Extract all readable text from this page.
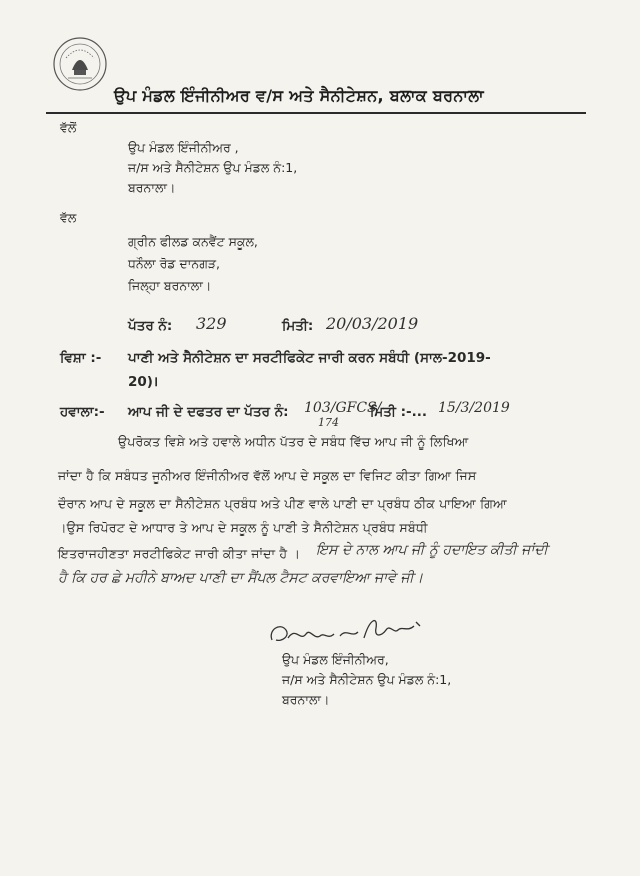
ਉਪ ਮੰਡਲ ਇੰਜੀਨੀਅਰ ਵ/ਸ ਅਤੇ ਸੈਨੀਟੇਸ਼ਨ, ਬਲਾਕ ਬਰਨਾਲਾ
ਵੱਲੋਂ
ਉਪ ਮੰਡਲ ਇੰਜੀਨੀਅਰ ,
ਜ/ਸ ਅਤੇ ਸੈਨੀਟੇਸ਼ਨ ਉਪ ਮੰਡਲ ਨੰ:1,
ਬਰਨਾਲਾ।
ਵੱਲ
ਗ੍ਰੀਨ ਫੀਲਡ ਕਨਵੈਂਟ ਸਕੂਲ,
ਧਨੌਲਾ ਰੋਡ ਦਾਨਗੜ,
ਜਿਲ੍ਹਾ ਬਰਨਾਲਾ।
ਪੱਤਰ ਨੰ: 329	ਮਿਤੀ: 20/03/2019
ਵਿਸ਼ਾ :- ਪਾਣੀ ਅਤੇ ਸੈਨੀਟੇਸ਼ਨ ਦਾ ਸਰਟੀਫਿਕੇਟ ਜਾਰੀ ਕਰਨ ਸਬੰਧੀ (ਸਾਲ-2019-
20)।
ਹਵਾਲਾ:- ਆਪ ਜੀ ਦੇ ਦਫਤਰ ਦਾ ਪੱਤਰ ਨੰ: 103/GFCS/
174
ਮਿਤੀ :-... 15/3/2019
ਉਪਰੋਕਤ ਵਿਸ਼ੇ ਅਤੇ ਹਵਾਲੇ ਅਧੀਨ ਪੱਤਰ ਦੇ ਸਬੰਧ ਵਿੱਚ ਆਪ ਜੀ ਨੂੰ ਲਿਖਿਆ
ਜਾਂਦਾ ਹੈ ਕਿ ਸਬੰਧਤ ਜੂਨੀਅਰ ਇੰਜੀਨੀਅਰ ਵੱਲੋਂ ਆਪ ਦੇ ਸਕੂਲ ਦਾ ਵਿਜਿਟ ਕੀਤਾ ਗਿਆ ਜਿਸ
ਦੌਰਾਨ ਆਪ ਦੇ ਸਕੂਲ ਦਾ ਸੈਨੀਟੇਸ਼ਨ ਪ੍ਰਬੰਧ ਅਤੇ ਪੀਣ ਵਾਲੇ ਪਾਣੀ ਦਾ ਪ੍ਰਬੰਧ ਠੀਕ ਪਾਇਆ ਗਿਆ
।ਉਸ ਰਿਪੋਰਟ ਦੇ ਆਧਾਰ ਤੇ ਆਪ ਦੇ ਸਕੂਲ ਨੂੰ ਪਾਣੀ ਤੇ ਸੈਨੀਟੇਸ਼ਨ ਪ੍ਰਬੰਧ ਸਬੰਧੀ
ਇਤਰਾਜਹੀਣਤਾ ਸਰਟੀਫਿਕੇਟ ਜਾਰੀ ਕੀਤਾ ਜਾਂਦਾ ਹੈ । ਇਸ ਦੇ ਨਾਲ ਆਪ ਜੀ ਨੂੰ ਹਦਾਇਤ ਕੀਤੀ ਜਾਂਦੀ
ਹੈ ਕਿ ਹਰ ਛੇ ਮਹੀਨੇ ਬਾਅਦ ਪਾਣੀ ਦਾ ਸੈਂਪਲ ਟੈਸਟ ਕਰਵਾਇਆ ਜਾਵੇ ਜੀ।
ਉਪ ਮੰਡਲ ਇੰਜੀਨੀਅਰ,
ਜ/ਸ ਅਤੇ ਸੈਨੀਟੇਸ਼ਨ ਉਪ ਮੰਡਲ ਨੰ:1,
ਬਰਨਾਲਾ।
